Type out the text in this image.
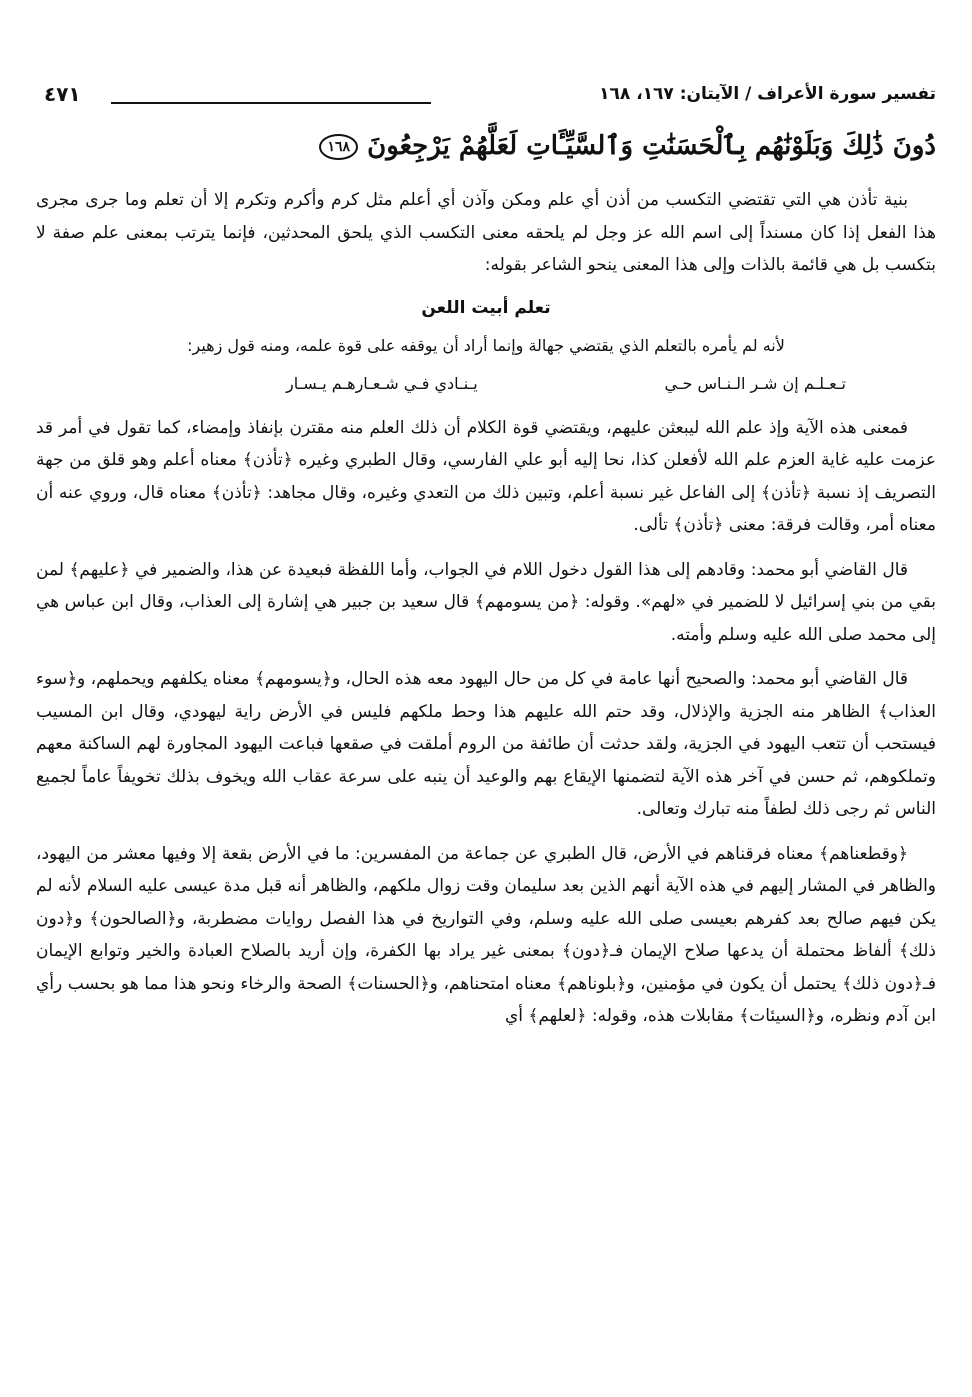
تفسير سورة الأعراف / الآيتان: ١٦٧، ١٦٨
٤٧١
دُونَ ذَٰلِكَ وَبَلَوْنَٰهُم بِٱلْحَسَنَٰتِ وَٱلسَّيِّـَٔاتِ لَعَلَّهُمْ يَرْجِعُونَ ١٦٨

بنية تأذن هي التي تقتضي التكسب من أذن أي علم ومكن وآذن أي أعلم مثل كرم وأكرم وتكرم إلا أن تعلم وما جرى مجرى هذا الفعل إذا كان مسنداً إلى اسم الله عز وجل لم يلحقه معنى التكسب الذي يلحق المحدثين، فإنما يترتب بمعنى علم صفة لا بتكسب بل هي قائمة بالذات وإلى هذا المعنى ينحو الشاعر بقوله:

تعلم أبيت اللعن
لأنه لم يأمره بالتعلم الذي يقتضي جهالة وإنما أراد أن يوقفه على قوة علمه، ومنه قول زهير:
تـعـلـم إن شـر الـنـاس حـي
يـنـادي فـي شـعـارهـم يـسـار

فمعنى هذه الآية وإذ علم الله ليبعثن عليهم، ويقتضي قوة الكلام أن ذلك العلم منه مقترن بإنفاذ وإمضاء، كما تقول في أمر قد عزمت عليه غاية العزم علم الله لأفعلن كذا، نحا إليه أبو علي الفارسي، وقال الطبري وغيره ﴿تأذن﴾ معناه أعلم وهو قلق من جهة التصريف إذ نسبة ﴿تأذن﴾ إلى الفاعل غير نسبة أعلم، وتبين ذلك من التعدي وغيره، وقال مجاهد: ﴿تأذن﴾ معناه قال، وروي عنه أن معناه أمر، وقالت فرقة: معنى ﴿تأذن﴾ تألى.

قال القاضي أبو محمد: وقادهم إلى هذا القول دخول اللام في الجواب، وأما اللفظة فبعيدة عن هذا، والضمير في ﴿عليهم﴾ لمن بقي من بني إسرائيل لا للضمير في «لهم». وقوله: ﴿من يسومهم﴾ قال سعيد بن جبير هي إشارة إلى العذاب، وقال ابن عباس هي إلى محمد صلى الله عليه وسلم وأمته.

قال القاضي أبو محمد: والصحيح أنها عامة في كل من حال اليهود معه هذه الحال، و﴿يسومهم﴾ معناه يكلفهم ويحملهم، و﴿سوء العذاب﴾ الظاهر منه الجزية والإذلال، وقد حتم الله عليهم هذا وحط ملكهم فليس في الأرض راية ليهودي، وقال ابن المسيب فيستحب أن تتعب اليهود في الجزية، ولقد حدثت أن طائفة من الروم أملقت في صقعها فباعت اليهود المجاورة لهم الساكنة معهم وتملكوهم، ثم حسن في آخر هذه الآية لتضمنها الإيقاع بهم والوعيد أن ينبه على سرعة عقاب الله ويخوف بذلك تخويفاً عاماً لجميع الناس ثم رجى ذلك لطفاً منه تبارك وتعالى.

﴿وقطعناهم﴾ معناه فرقناهم في الأرض، قال الطبري عن جماعة من المفسرين: ما في الأرض بقعة إلا وفيها معشر من اليهود، والظاهر في المشار إليهم في هذه الآية أنهم الذين بعد سليمان وقت زوال ملكهم، والظاهر أنه قبل مدة عيسى عليه السلام لأنه لم يكن فيهم صالح بعد كفرهم بعيسى صلى الله عليه وسلم، وفي التواريخ في هذا الفصل روايات مضطربة، و﴿الصالحون﴾ و﴿دون ذلك﴾ ألفاظ محتملة أن يدعها صلاح الإيمان فـ﴿دون﴾ بمعنى غير يراد بها الكفرة، وإن أريد بالصلاح العبادة والخير وتوابع الإيمان فـ﴿دون ذلك﴾ يحتمل أن يكون في مؤمنين، و﴿بلوناهم﴾ معناه امتحناهم، و﴿الحسنات﴾ الصحة والرخاء ونحو هذا مما هو بحسب رأي ابن آدم ونظره، و﴿السيئات﴾ مقابلات هذه، وقوله: ﴿لعلهم﴾ أي
